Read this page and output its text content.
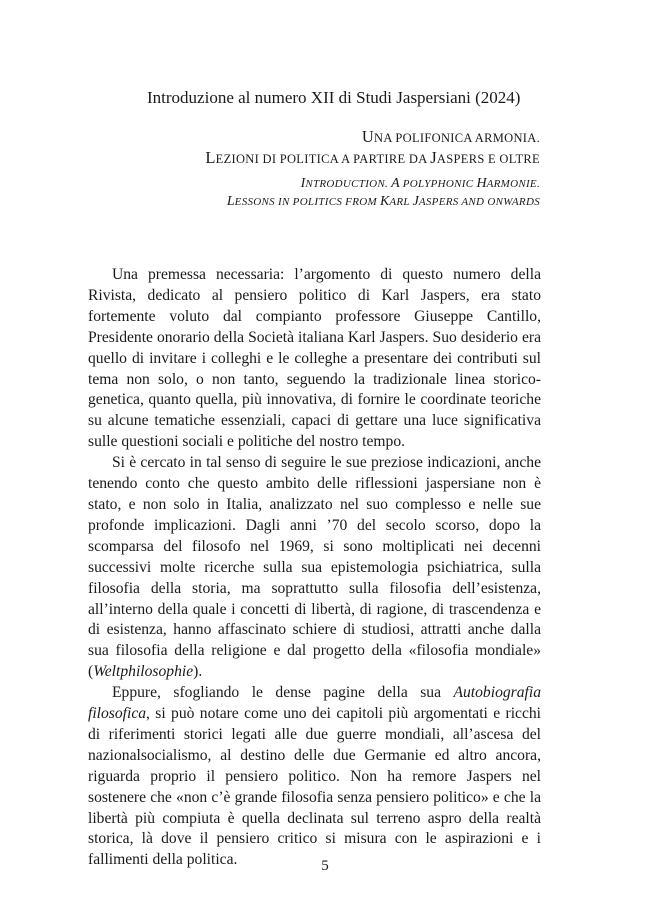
Introduzione al numero XII di Studi Jaspersiani (2024)
UNA POLIFONICA ARMONIA.
LEZIONI DI POLITICA A PARTIRE DA JASPERS E OLTRE
INTRODUCTION. A POLYPHONIC HARMONIE.
LESSONS IN POLITICS FROM KARL JASPERS AND ONWARDS

Una premessa necessaria: l’argomento di questo numero della Rivista, dedicato al pensiero politico di Karl Jaspers, era stato fortemente voluto dal compianto professore Giuseppe Cantillo, Presidente onorario della Società italiana Karl Jaspers. Suo desiderio era quello di invitare i colleghi e le colleghe a presentare dei contributi sul tema non solo, o non tanto, seguendo la tradizionale linea storico-genetica, quanto quella, più innovativa, di fornire le coordinate teoriche su alcune tematiche essenziali, capaci di gettare una luce significativa sulle questioni sociali e politiche del nostro tempo.

Si è cercato in tal senso di seguire le sue preziose indicazioni, anche tenendo conto che questo ambito delle riflessioni jaspersiane non è stato, e non solo in Italia, analizzato nel suo complesso e nelle sue profonde implicazioni. Dagli anni ’70 del secolo scorso, dopo la scomparsa del filosofo nel 1969, si sono moltiplicati nei decenni successivi molte ricerche sulla sua epistemologia psichiatrica, sulla filosofia della storia, ma soprattutto sulla filosofia dell’esistenza, all’interno della quale i concetti di libertà, di ragione, di trascendenza e di esistenza, hanno affascinato schiere di studiosi, attratti anche dalla sua filosofia della religione e dal progetto della «filosofia mondiale» (Weltphilosophie).

Eppure, sfogliando le dense pagine della sua Autobiografia filosofica, si può notare come uno dei capitoli più argomentati e ricchi di riferimenti storici legati alle due guerre mondiali, all’ascesa del nazionalsocialismo, al destino delle due Germanie ed altro ancora, riguarda proprio il pensiero politico. Non ha remore Jaspers nel sostenere che «non c’è grande filosofia senza pensiero politico» e che la libertà più compiuta è quella declinata sul terreno aspro della realtà storica, là dove il pensiero critico si misura con le aspirazioni e i fallimenti della politica.	5
